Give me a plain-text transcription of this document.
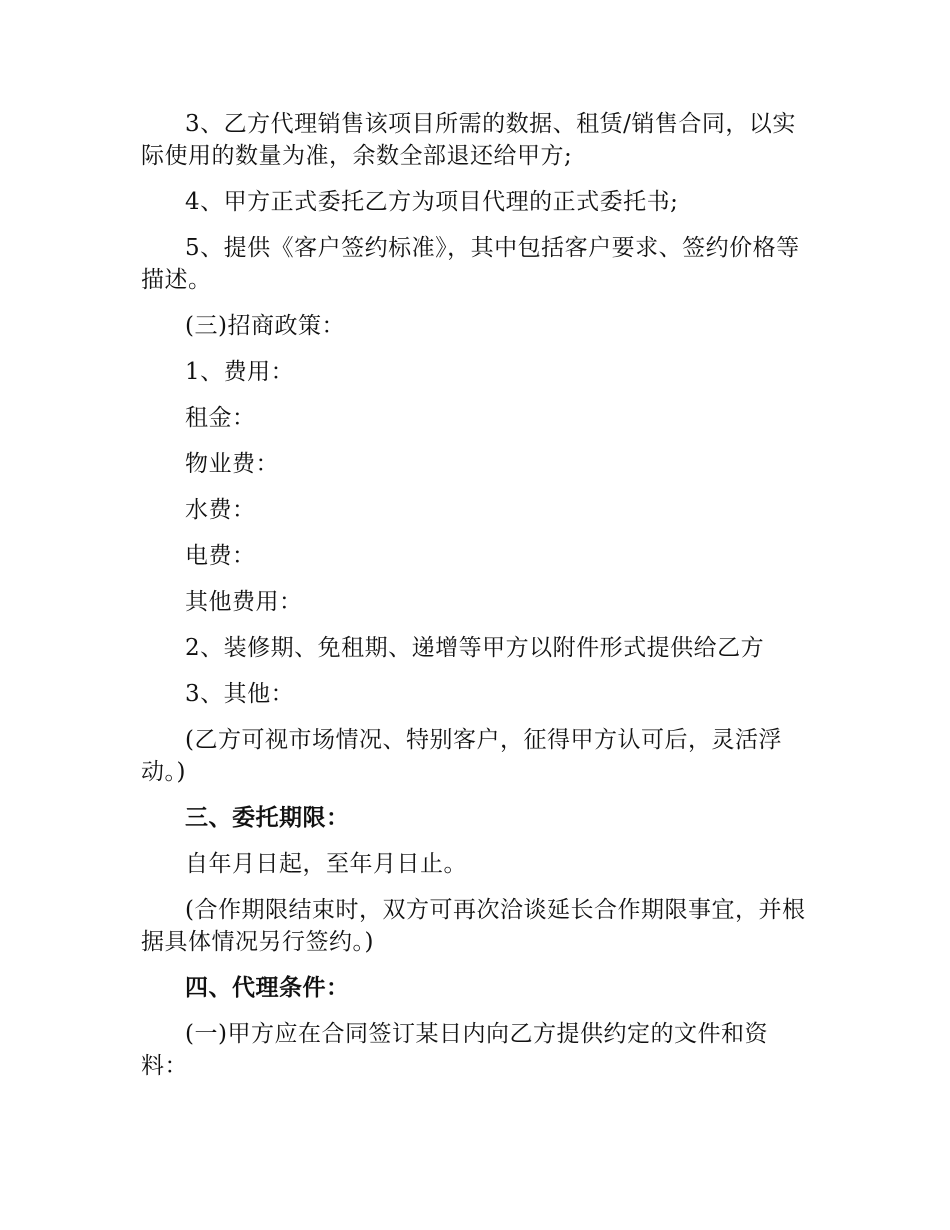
3、乙方代理销售该项目所需的数据、租赁/销售合同，以实际使用的数量为准，余数全部退还给甲方;

4、甲方正式委托乙方为项目代理的正式委托书;

5、提供《客户签约标准》，其中包括客户要求、签约价格等描述。

(三)招商政策：

1、费用：

租金：

物业费：

水费：

电费：

其他费用：

2、装修期、免租期、递增等甲方以附件形式提供给乙方

3、其他：

(乙方可视市场情况、特别客户，征得甲方认可后，灵活浮动。)

三、委托期限：

自年月日起，至年月日止。

(合作期限结束时，双方可再次洽谈延长合作期限事宜，并根据具体情况另行签约。)

四、代理条件：

(一)甲方应在合同签订某日内向乙方提供约定的文件和资料：
